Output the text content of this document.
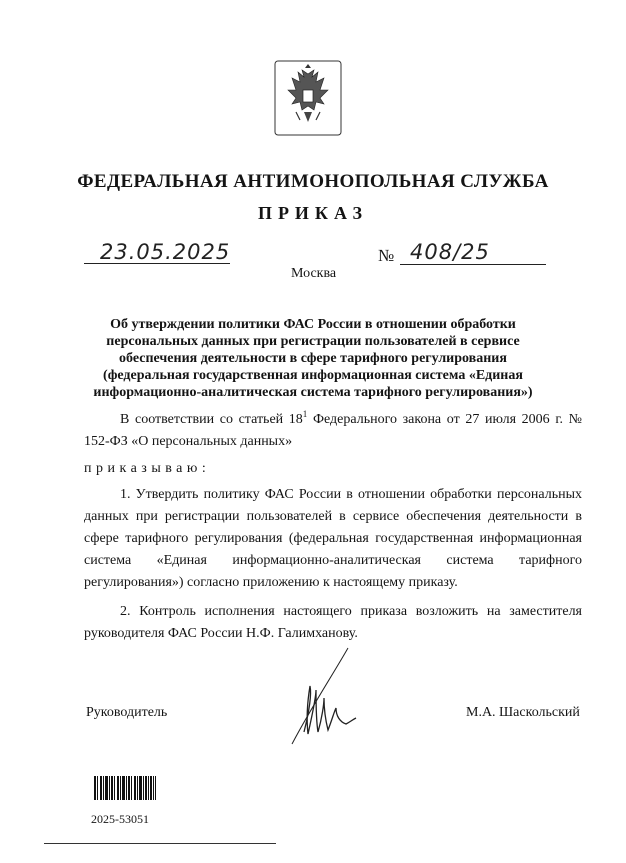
ФЕДЕРАЛЬНАЯ АНТИМОНОПОЛЬНАЯ СЛУЖБА
ПРИКАЗ
23.05.2025
Москва
№ 408/25
Об утверждении политики ФАС России в отношении обработки персональных данных при регистрации пользователей в сервисе обеспечения деятельности в сфере тарифного регулирования (федеральная государственная информационная система «Единая информационно-аналитическая система тарифного регулирования»)
В соответствии со статьей $18^1$ Федерального закона от 27 июля 2006 г. № 152-ФЗ «О персональных данных»
приказываю:
1. Утвердить политику ФАС России в отношении обработки персональных данных при регистрации пользователей в сервисе обеспечения деятельности в сфере тарифного регулирования (федеральная государственная информационная система «Единая информационно-аналитическая система тарифного регулирования») согласно приложению к настоящему приказу.
2. Контроль исполнения настоящего приказа возложить на заместителя руководителя ФАС России Н.Ф. Галимханову.
Руководитель	М.А. Шаскольский
2025-53051
